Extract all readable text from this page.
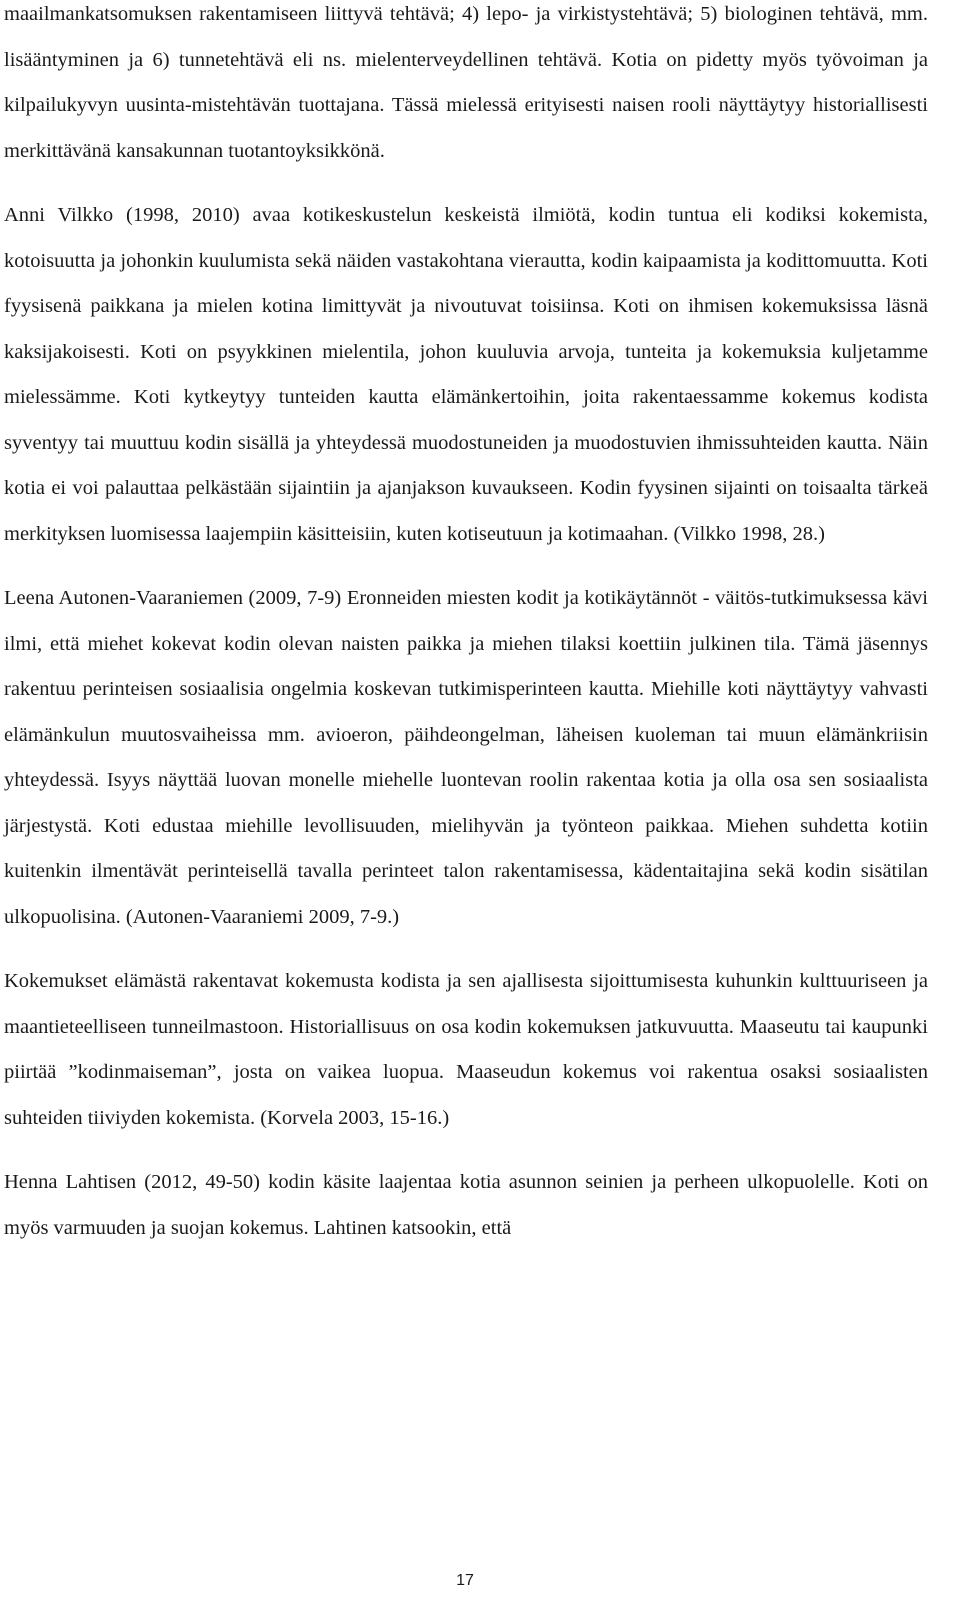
maailmankatsomuksen rakentamiseen liittyvä tehtävä; 4) lepo- ja virkistystehtävä; 5) biologinen tehtävä, mm. lisääntyminen ja 6) tunnetehtävä eli ns. mielenterveydellinen tehtävä. Kotia on pidetty myös työvoiman ja kilpailukyvyn uusinta-mistehtävän tuottajana. Tässä mielessä erityisesti naisen rooli näyttäytyy historiallisesti merkittävänä kansakunnan tuotantoyksikkönä.

Anni Vilkko (1998, 2010) avaa kotikeskustelun keskeistä ilmiötä, kodin tuntua eli kodiksi kokemista, kotoisuutta ja johonkin kuulumista sekä näiden vastakohtana vierautta, kodin kaipaamista ja kodittomuutta. Koti fyysisenä paikkana ja mielen kotina limittyvät ja nivoutuvat toisiinsa. Koti on ihmisen kokemuksissa läsnä kaksijakoisesti. Koti on psyykkinen mielentila, johon kuuluvia arvoja, tunteita ja kokemuksia kuljetamme mielessämme. Koti kytkeytyy tunteiden kautta elämänkertoihin, joita rakentaessamme kokemus kodista syventyy tai muuttuu kodin sisällä ja yhteydessä muodostuneiden ja muodostuvien ihmissuhteiden kautta. Näin kotia ei voi palauttaa pelkästään sijaintiin ja ajanjakson kuvaukseen. Kodin fyysinen sijainti on toisaalta tärkeä merkityksen luomisessa laajempiin käsitteisiin, kuten kotiseutuun ja kotimaahan. (Vilkko 1998, 28.)

Leena Autonen-Vaaraniemen (2009, 7-9) Eronneiden miesten kodit ja kotikäytännöt - väitös-tutkimuksessa kävi ilmi, että miehet kokevat kodin olevan naisten paikka ja miehen tilaksi koettiin julkinen tila. Tämä jäsennys rakentuu perinteisen sosiaalisia ongelmia koskevan tutkimisperinteen kautta. Miehille koti näyttäytyy vahvasti elämänkulun muutosvaiheissa mm. avioeron, päihdeongelman, läheisen kuoleman tai muun elämänkriisin yhteydessä. Isyys näyttää luovan monelle miehelle luontevan roolin rakentaa kotia ja olla osa sen sosiaalista järjestystä. Koti edustaa miehille levollisuuden, mielihyvän ja työnteon paikkaa. Miehen suhdetta kotiin kuitenkin ilmentävät perinteisellä tavalla perinteet talon rakentamisessa, kädentaitajina sekä kodin sisätilan ulkopuolisina. (Autonen-Vaaraniemi 2009, 7-9.)

Kokemukset elämästä rakentavat kokemusta kodista ja sen ajallisesta sijoittumisesta kuhunkin kulttuuriseen ja maantieteelliseen tunneilmastoon. Historiallisuus on osa kodin kokemuksen jatkuvuutta. Maaseutu tai kaupunki piirtää ”kodinmaiseman”, josta on vaikea luopua. Maaseudun kokemus voi rakentua osaksi sosiaalisten suhteiden tiiviyden kokemista. (Korvela 2003, 15-16.)

Henna Lahtisen (2012, 49-50) kodin käsite laajentaa kotia asunnon seinien ja perheen ulkopuolelle. Koti on myös varmuuden ja suojan kokemus. Lahtinen katsookin, että

17
